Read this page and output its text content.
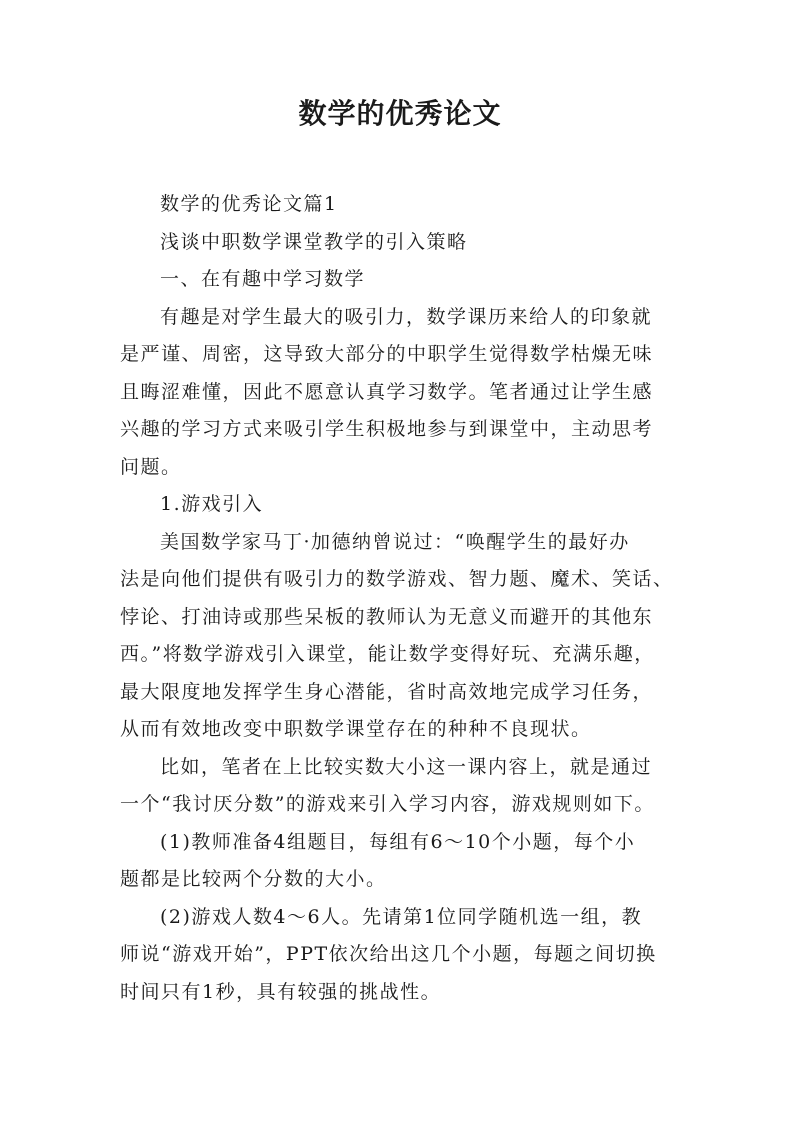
数学的优秀论文
数学的优秀论文篇1
浅谈中职数学课堂教学的引入策略
一、在有趣中学习数学
有趣是对学生最大的吸引力，数学课历来给人的印象就
是严谨、周密，这导致大部分的中职学生觉得数学枯燥无味
且晦涩难懂，因此不愿意认真学习数学。笔者通过让学生感
兴趣的学习方式来吸引学生积极地参与到课堂中，主动思考
问题。
1.游戏引入
美国数学家马丁·加德纳曾说过：“唤醒学生的最好办
法是向他们提供有吸引力的数学游戏、智力题、魔术、笑话、
悖论、打油诗或那些呆板的教师认为无意义而避开的其他东
西。”将数学游戏引入课堂，能让数学变得好玩、充满乐趣，
最大限度地发挥学生身心潜能，省时高效地完成学习任务，
从而有效地改变中职数学课堂存在的种种不良现状。
比如，笔者在上比较实数大小这一课内容上，就是通过
一个“我讨厌分数”的游戏来引入学习内容，游戏规则如下。
(1)教师准备4组题目，每组有6～10个小题，每个小
题都是比较两个分数的大小。
(2)游戏人数4～6人。先请第1位同学随机选一组，教
师说“游戏开始”，PPT依次给出这几个小题，每题之间切换
时间只有1秒，具有较强的挑战性。
